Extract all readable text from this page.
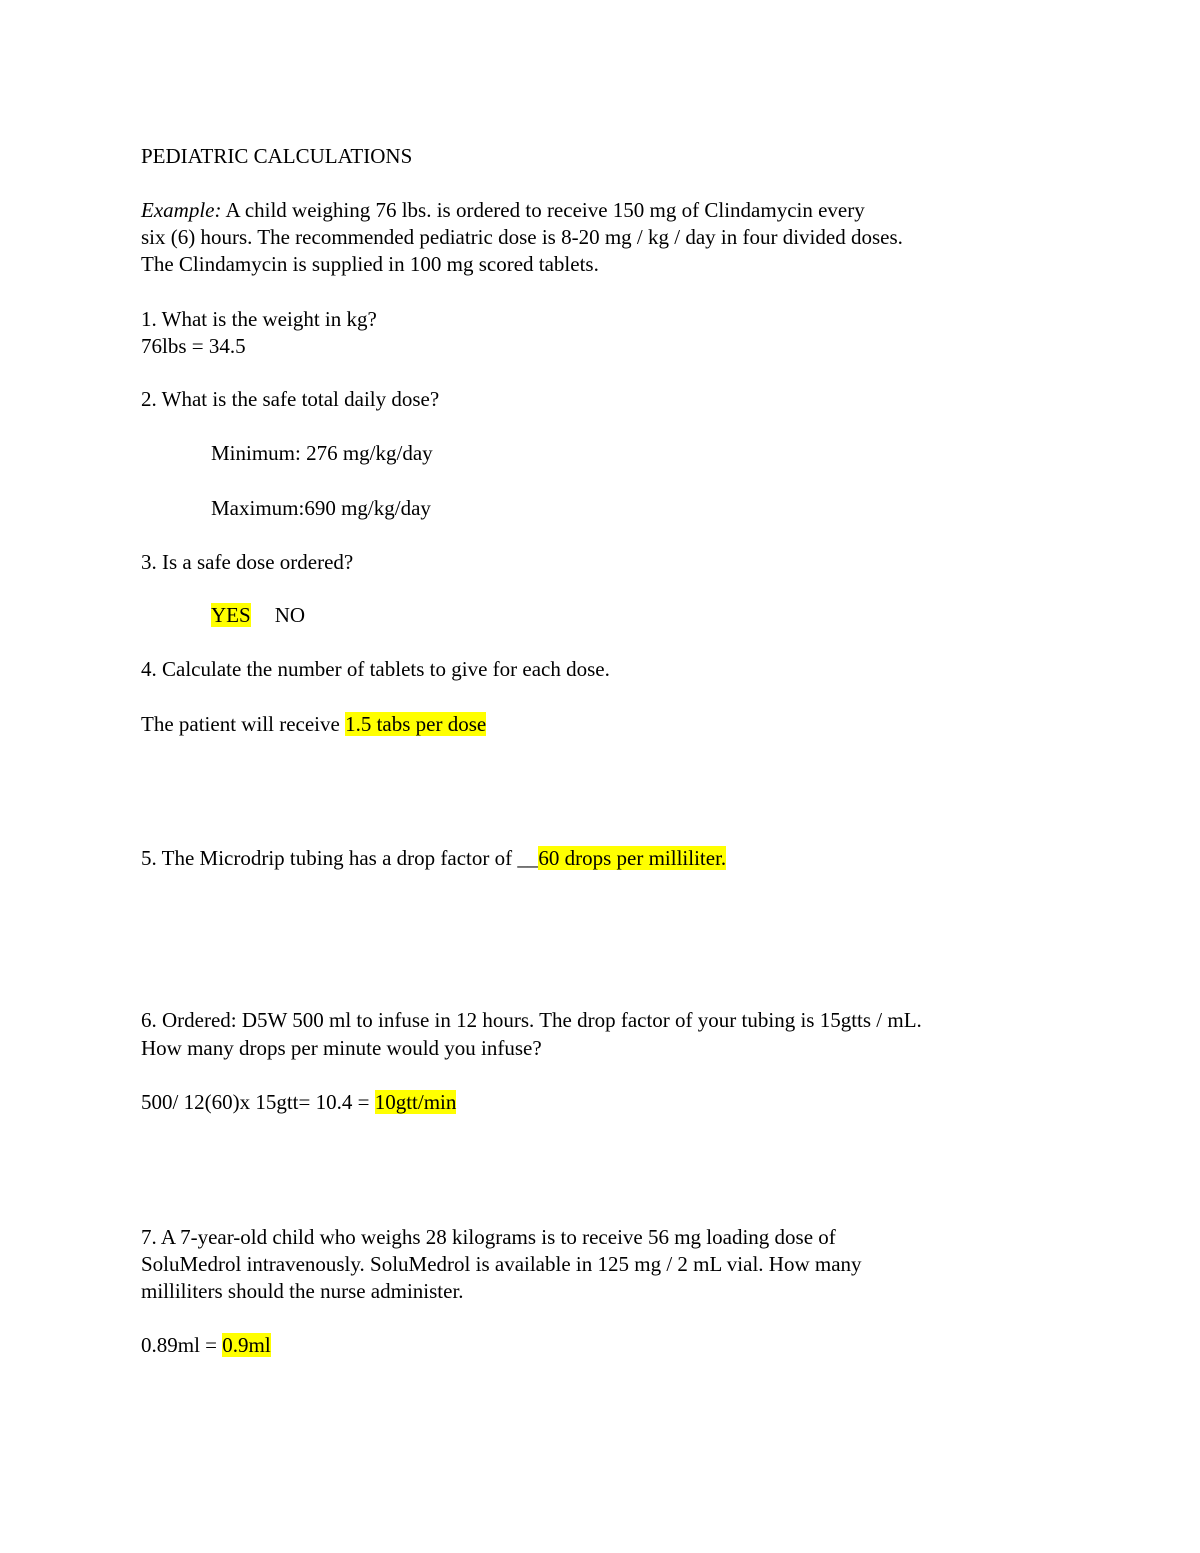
PEDIATRIC CALCULATIONS
Example: A child weighing 76 lbs. is ordered to receive 150 mg of Clindamycin every
six (6) hours. The recommended pediatric dose is 8-20 mg / kg / day in four divided doses.
The Clindamycin is supplied in 100 mg scored tablets.
1. What is the weight in kg?
76lbs = 34.5
2. What is the safe total daily dose?
Minimum: 276 mg/kg/day
Maximum:690 mg/kg/day
3. Is a safe dose ordered?
YES NO
4. Calculate the number of tablets to give for each dose.
The patient will receive 1.5 tabs per dose
5. The Microdrip tubing has a drop factor of __60 drops per milliliter.
6. Ordered: D5W 500 ml to infuse in 12 hours. The drop factor of your tubing is 15gtts / mL.
How many drops per minute would you infuse?
500/ 12(60)x 15gtt= 10.4 = 10gtt/min
7. A 7-year-old child who weighs 28 kilograms is to receive 56 mg loading dose of
SoluMedrol intravenously. SoluMedrol is available in 125 mg / 2 mL vial. How many
milliliters should the nurse administer.
0.89ml = 0.9ml
